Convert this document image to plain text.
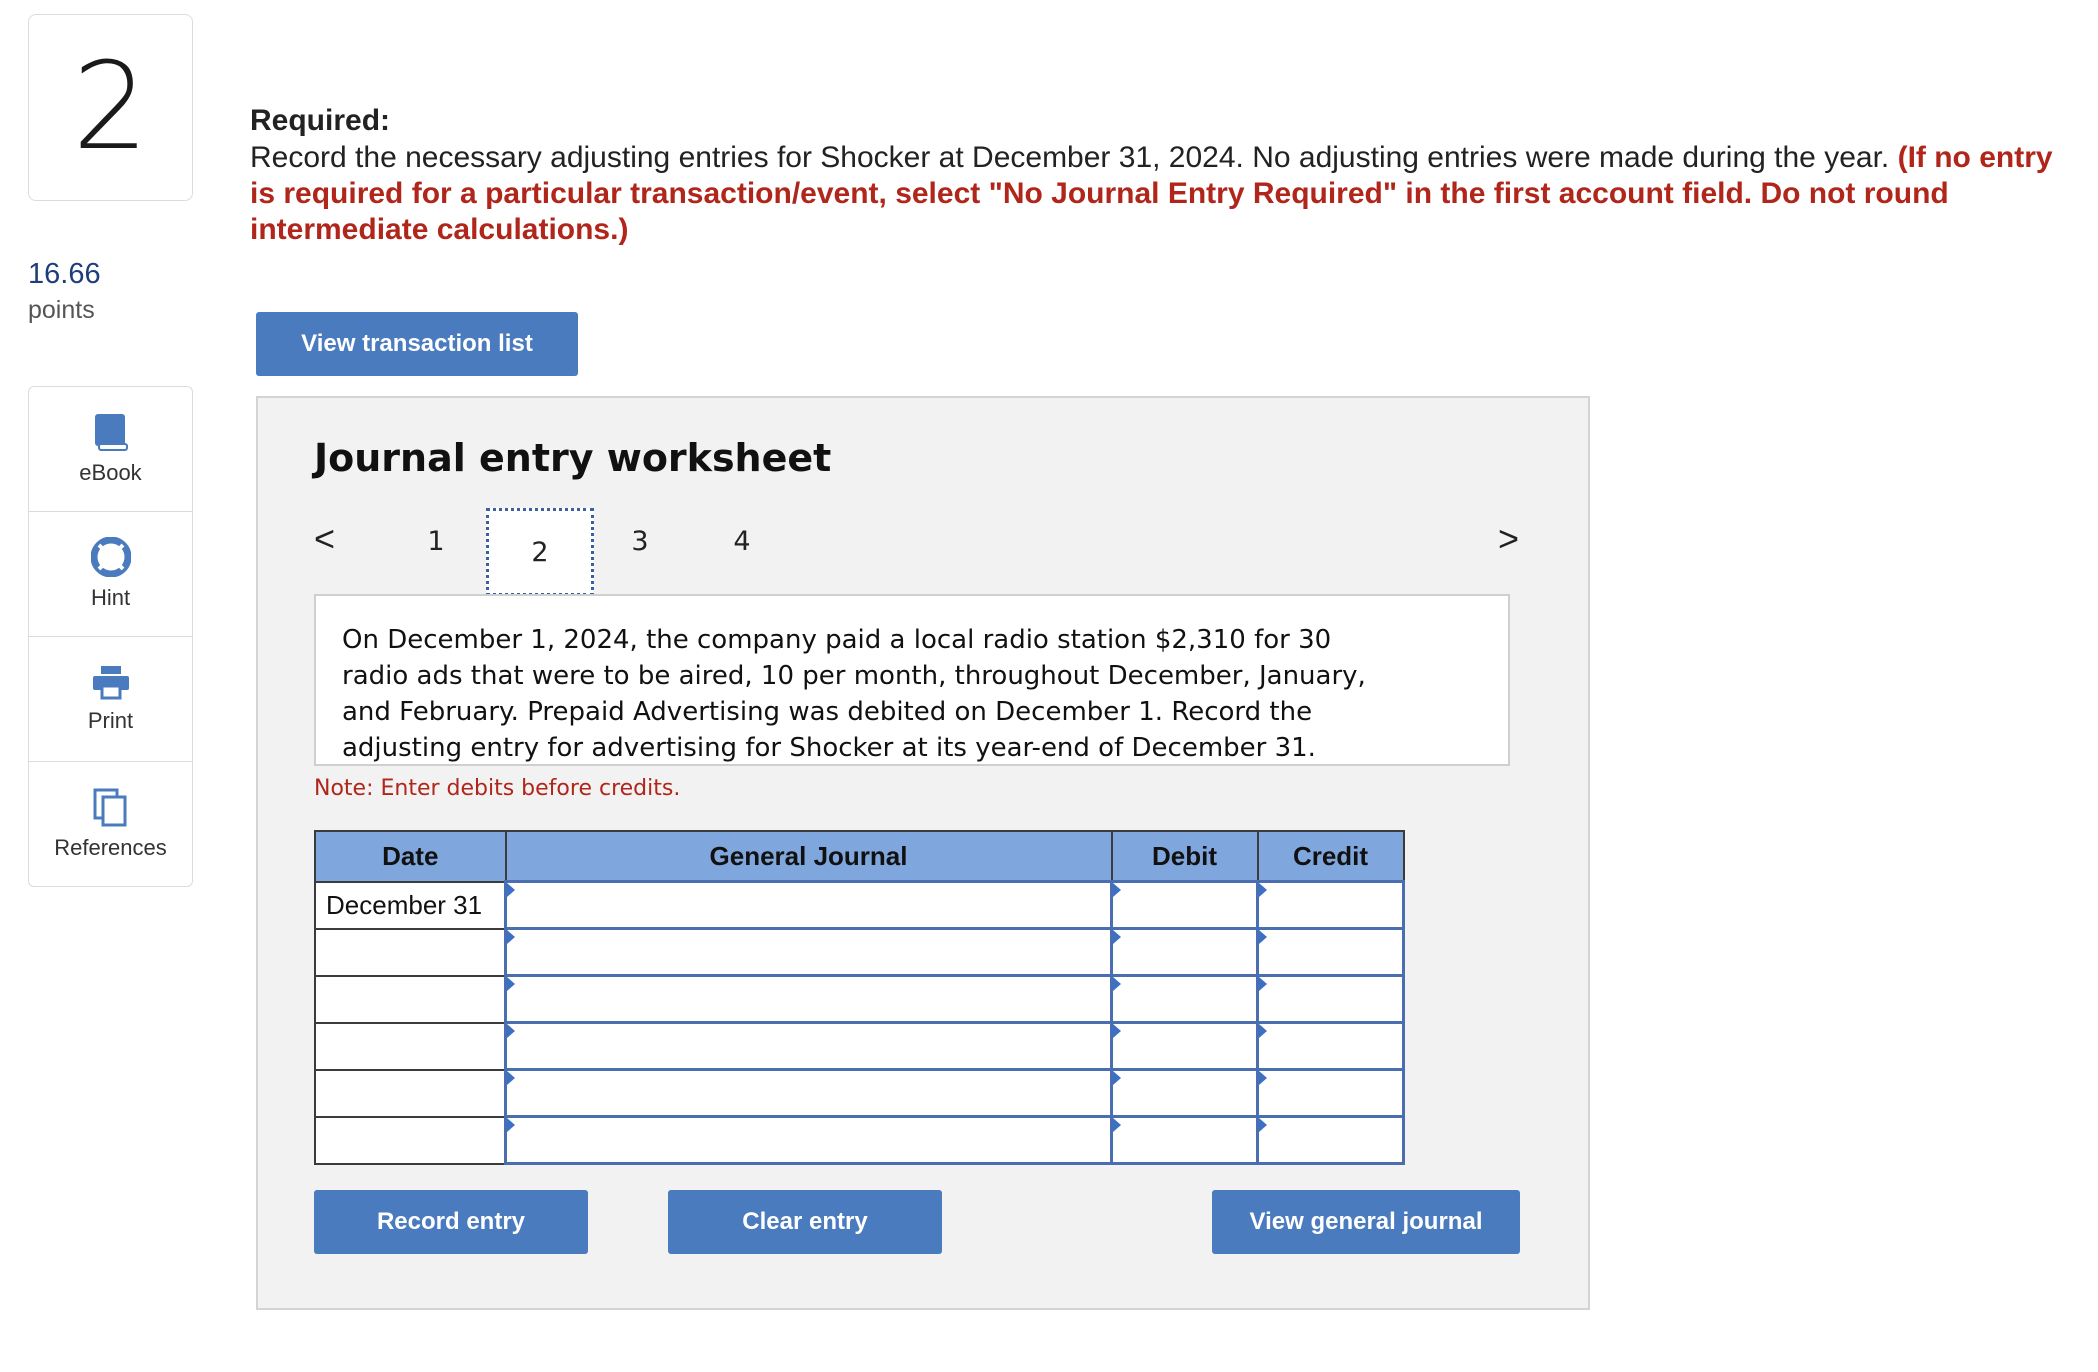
2
16.66
points
eBook
Hint
Print
References
Required:
Record the necessary adjusting entries for Shocker at December 31, 2024. No adjusting entries were made during the year. (If no entry is required for a particular transaction/event, select "No Journal Entry Required" in the first account field. Do not round intermediate calculations.)
View transaction list
Journal entry worksheet
<	1	2	3	4	>
On December 1, 2024, the company paid a local radio station $2,310 for 30
radio ads that were to be aired, 10 per month, throughout December, January,
and February. Prepaid Advertising was debited on December 1. Record the
adjusting entry for advertising for Shocker at its year-end of December 31.
Note: Enter debits before credits.
Date	General Journal	Debit	Credit
December 31			

Record entry	Clear entry	View general journal
